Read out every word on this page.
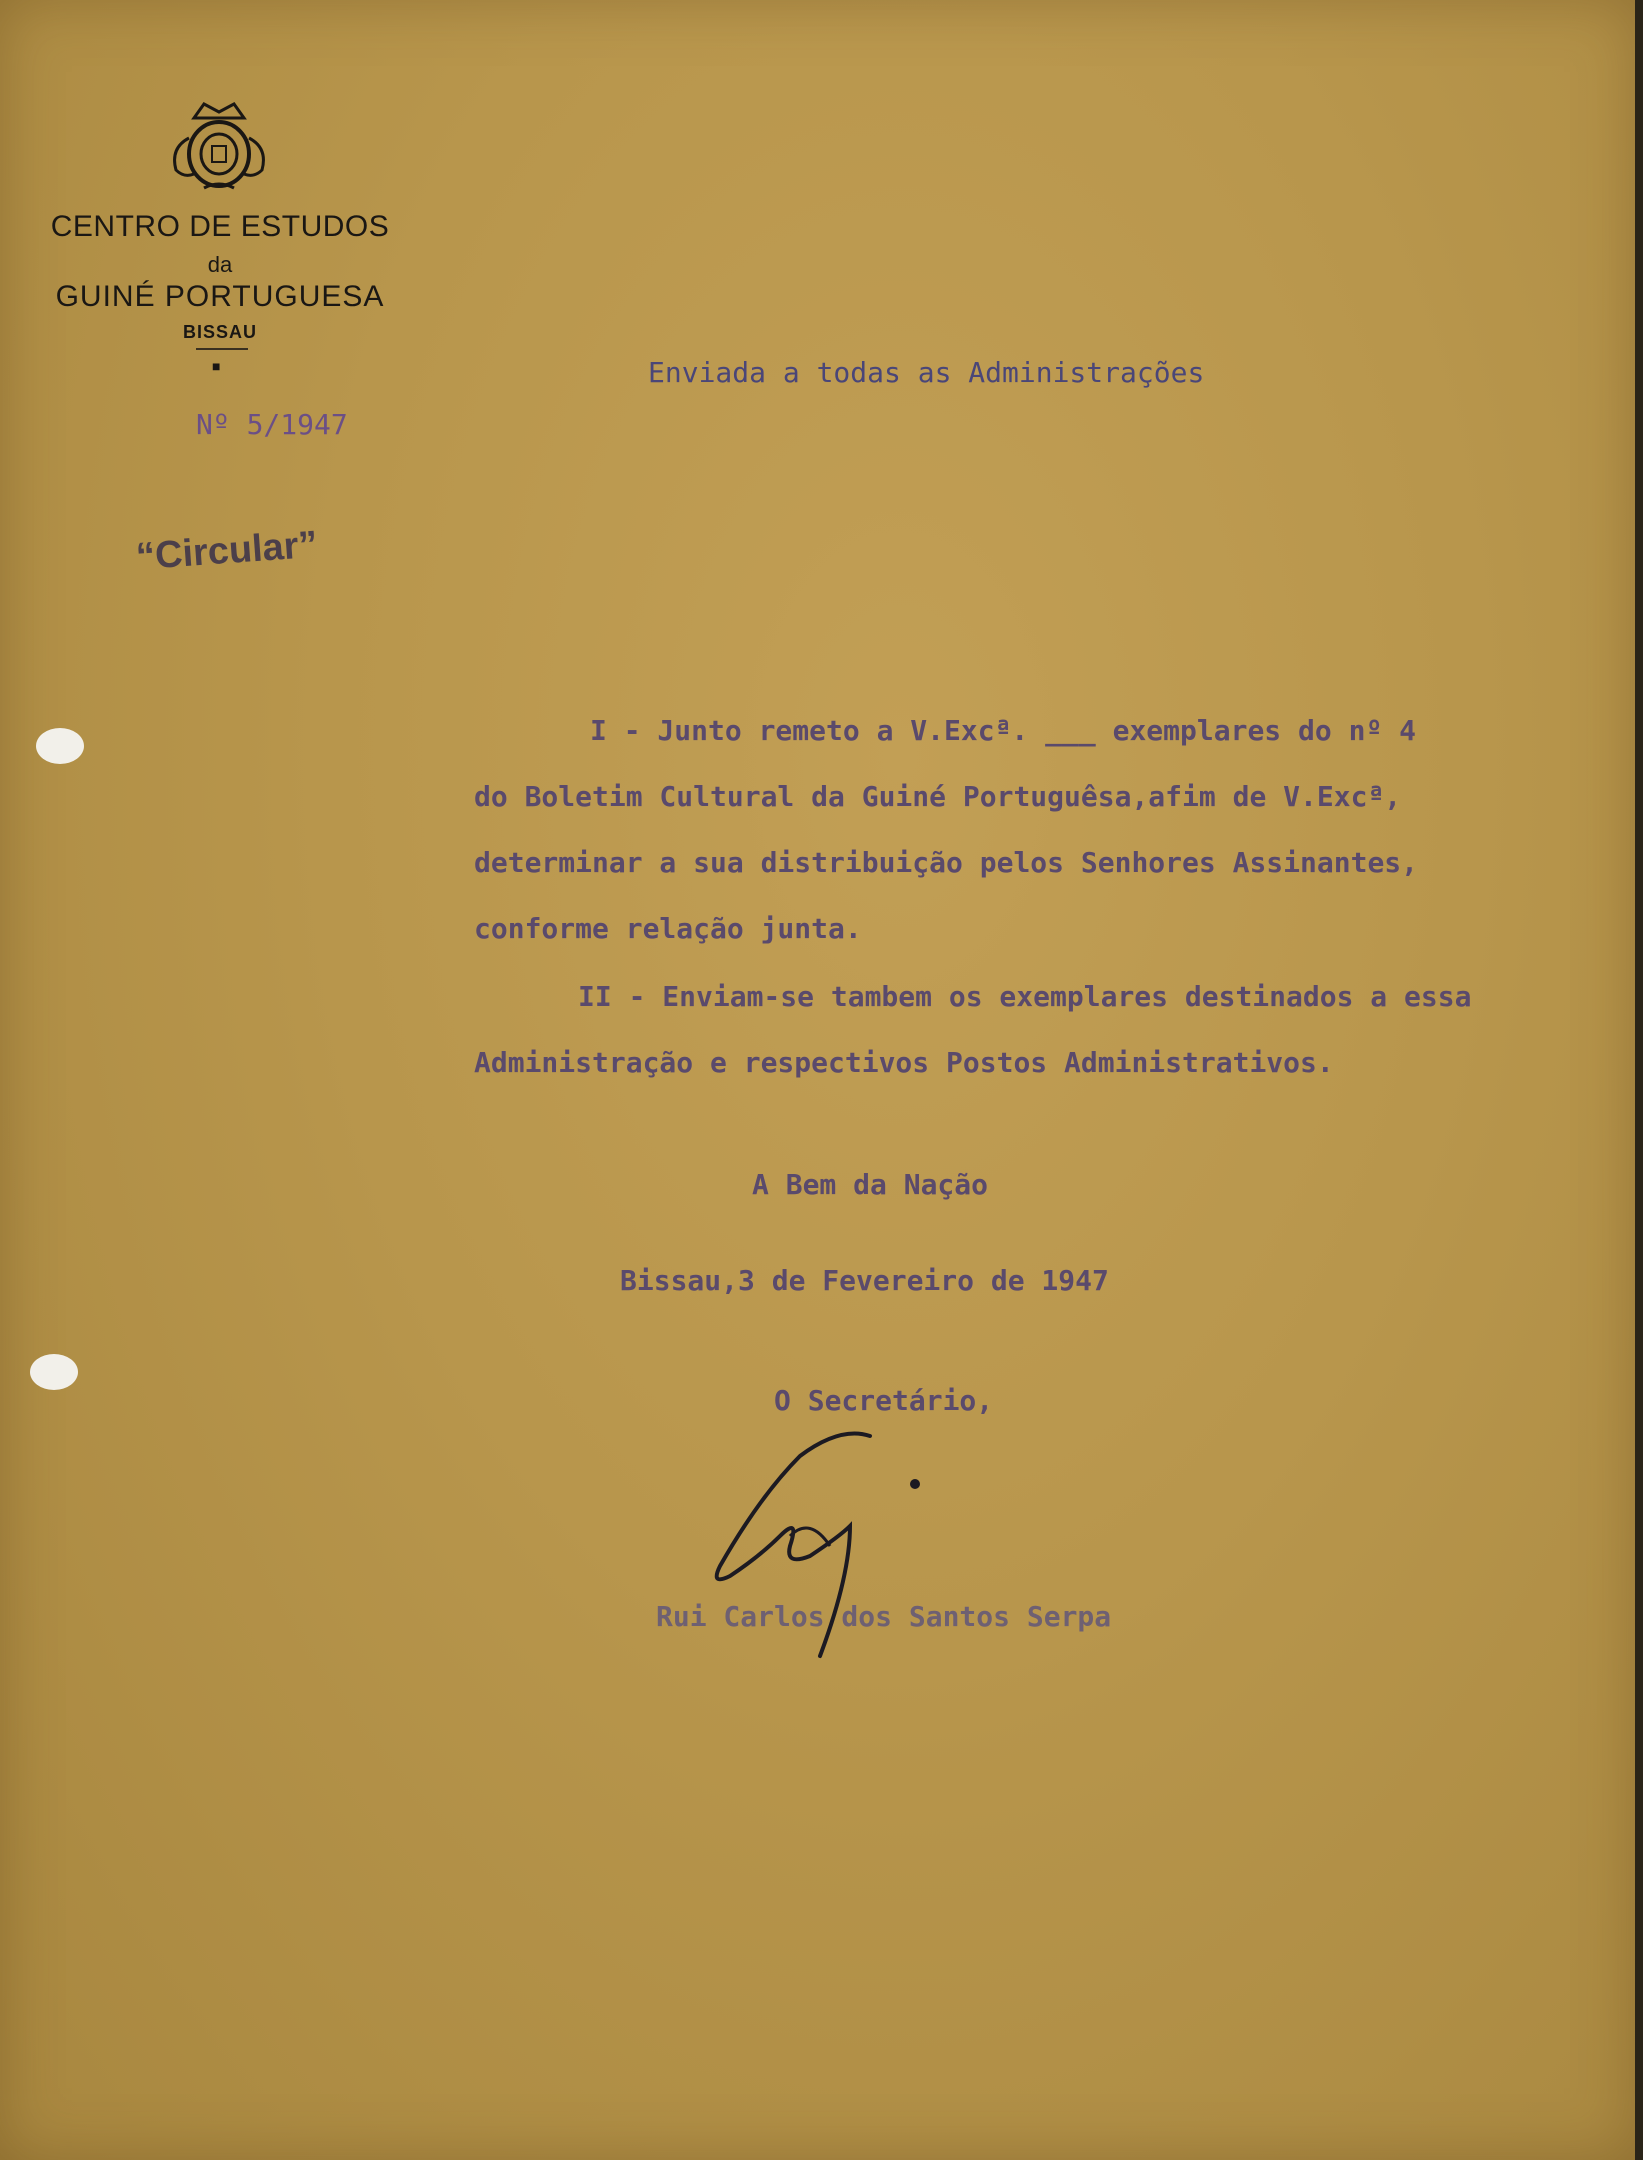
CENTRO DE ESTUDOS
da
GUINÉ PORTUGUESA
BISSAU
■
Nº 5/1947
“Circular”
Enviada a todas as Administrações
I - Junto remeto a V.Excª. ___ exemplares do nº 4
do Boletim Cultural da Guiné Portuguêsa,afim de V.Excª,
determinar a sua distribuição pelos Senhores Assinantes,
conforme relação junta.
II - Enviam-se tambem os exemplares destinados a essa
Administração e respectivos Postos Administrativos.
A Bem da Nação
Bissau,3 de Fevereiro de 1947
O Secretário,
Rui Carlos dos Santos Serpa
